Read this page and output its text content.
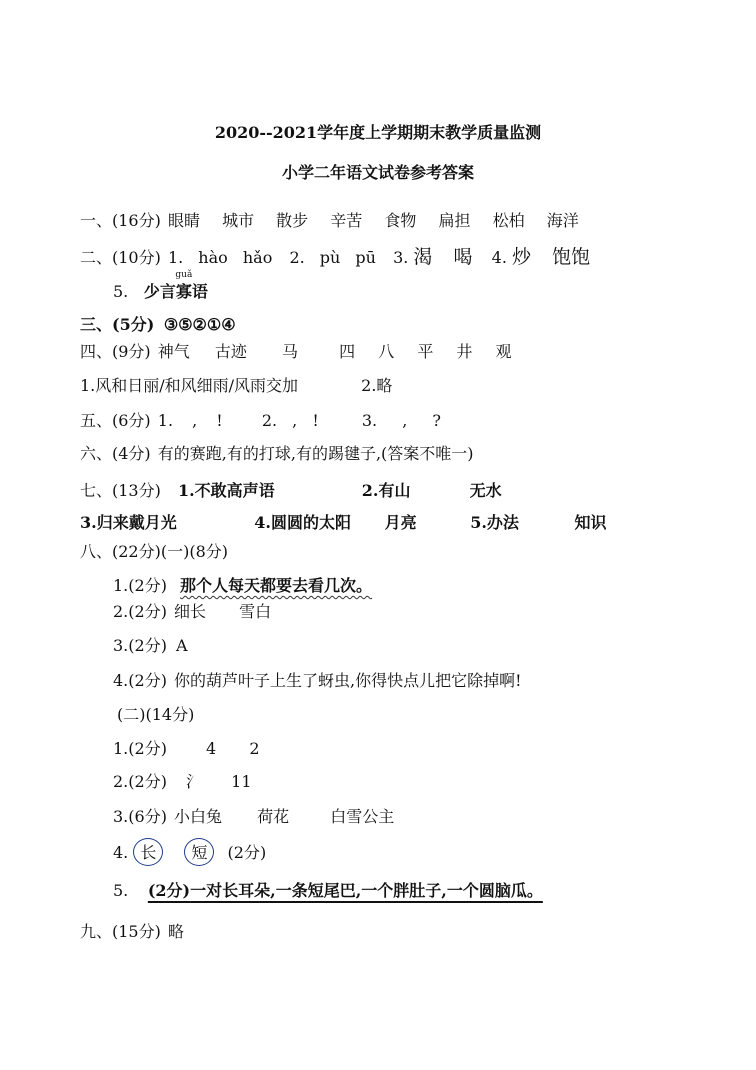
2020--2021学年度上学期期末教学质量监测
小学二年语文试卷参考答案
一、(16分) 眼睛 城市 散步 辛苦 食物 扁担 松柏 海洋
二、(10分) 1. hào hǎo 2. pù pū 3. 渴 喝 4. 炒 饱饱
5. 少言
guǎ
寡语
三、(5分) ③⑤②①④
四、(9分) 神气 古迹 马	四 八 平 井 观
1.风和日丽/和风细雨/风雨交加	2.略
五、(6分) 1. , ! 2. , !	3. , ?
六、(4分) 有的赛跑,有的打球,有的踢毽子,(答案不唯一)
七、(13分) 1.不敢高声语	2.有山	无水
3.归来戴月光	4.圆圆的太阳 月亮	5.办法	知识
八、(22分)(一)(8分)
1.(2分) 那个人每天都要去看几次。
2.(2分) 细长 雪白
3.(2分) A
4.(2分) 你的葫芦叶子上生了蚜虫,你得快点儿把它除掉啊!
(二)(14分)
1.(2分) 4 2
2.(2分) 氵 11
3.(6分) 小白兔 荷花	白雪公主
4. 长 短 (2分)
5. (2分)一对长耳朵,一条短尾巴,一个胖肚子,一个圆脑瓜。
九、(15分) 略
